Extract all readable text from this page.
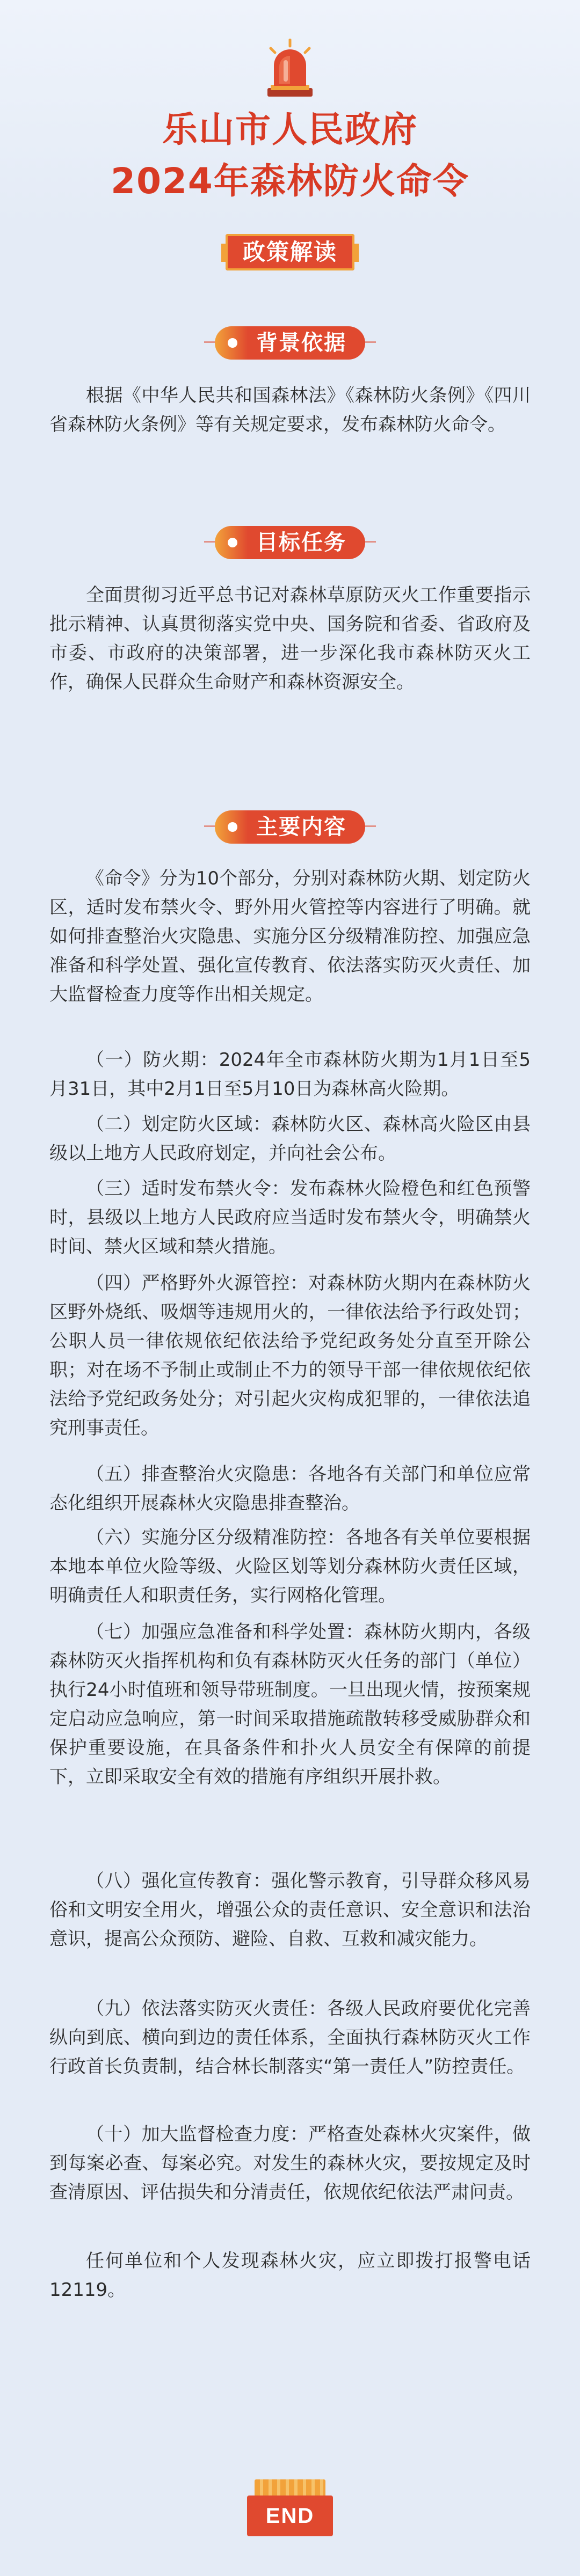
乐山市人民政府
2024年森林防火命令
政策解读
背景依据

根据《中华人民共和国森林法》《森林防火条例》《四川省森林防火条例》等有关规定要求，发布森林防火命令。

目标任务

全面贯彻习近平总书记对森林草原防灭火工作重要指示批示精神、认真贯彻落实党中央、国务院和省委、省政府及市委、市政府的决策部署，进一步深化我市森林防灭火工作，确保人民群众生命财产和森林资源安全。

主要内容

《命令》分为10个部分，分别对森林防火期、划定防火区，适时发布禁火令、野外用火管控等内容进行了明确。就如何排查整治火灾隐患、实施分区分级精准防控、加强应急准备和科学处置、强化宣传教育、依法落实防灭火责任、加大监督检查力度等作出相关规定。

（一）防火期：2024年全市森林防火期为1月1日至5月31日，其中2月1日至5月10日为森林高火险期。

（二）划定防火区域：森林防火区、森林高火险区由县级以上地方人民政府划定，并向社会公布。

（三）适时发布禁火令：发布森林火险橙色和红色预警时，县级以上地方人民政府应当适时发布禁火令，明确禁火时间、禁火区域和禁火措施。

（四）严格野外火源管控：对森林防火期内在森林防火区野外烧纸、吸烟等违规用火的，一律依法给予行政处罚；公职人员一律依规依纪依法给予党纪政务处分直至开除公职；对在场不予制止或制止不力的领导干部一律依规依纪依法给予党纪政务处分；对引起火灾构成犯罪的，一律依法追究刑事责任。

（五）排查整治火灾隐患：各地各有关部门和单位应常态化组织开展森林火灾隐患排查整治。

（六）实施分区分级精准防控：各地各有关单位要根据本地本单位火险等级、火险区划等划分森林防火责任区域，明确责任人和职责任务，实行网格化管理。

（七）加强应急准备和科学处置：森林防火期内，各级森林防灭火指挥机构和负有森林防灭火任务的部门（单位）执行24小时值班和领导带班制度。一旦出现火情，按预案规定启动应急响应，第一时间采取措施疏散转移受威胁群众和保护重要设施，在具备条件和扑火人员安全有保障的前提下，立即采取安全有效的措施有序组织开展扑救。

（八）强化宣传教育：强化警示教育，引导群众移风易俗和文明安全用火，增强公众的责任意识、安全意识和法治意识，提高公众预防、避险、自救、互救和减灾能力。

（九）依法落实防灭火责任：各级人民政府要优化完善纵向到底、横向到边的责任体系，全面执行森林防灭火工作行政首长负责制，结合林长制落实“第一责任人”防控责任。

（十）加大监督检查力度：严格查处森林火灾案件，做到每案必查、每案必究。对发生的森林火灾，要按规定及时查清原因、评估损失和分清责任，依规依纪依法严肃问责。

任何单位和个人发现森林火灾，应立即拨打报警电话12119。

END
